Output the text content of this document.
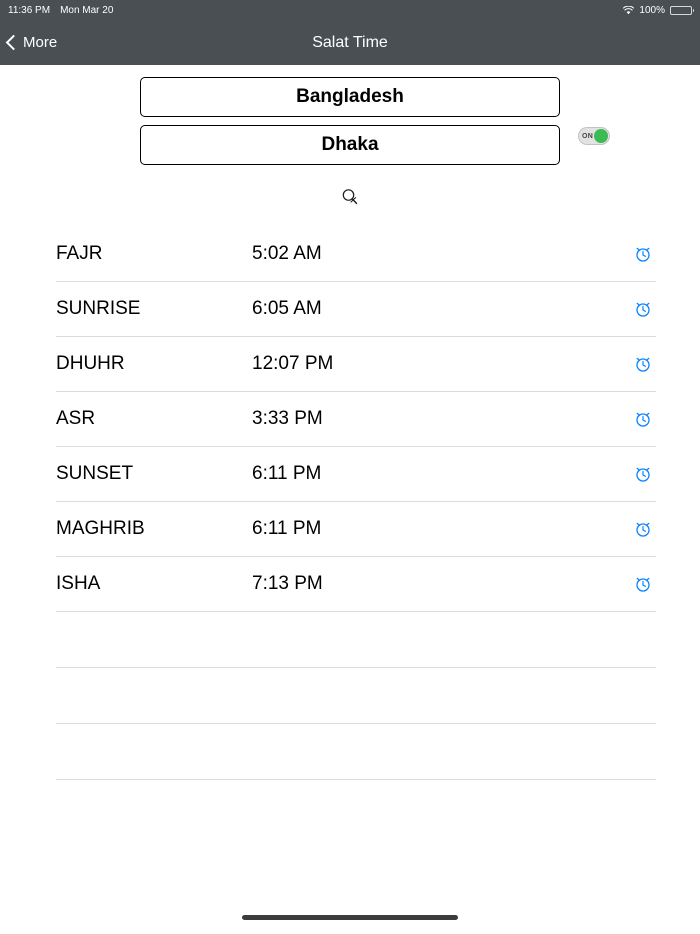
11:36 PM Mon Mar 20	100%
More	Salat Time
Bangladesh
Dhaka	ON
FAJR	5:02 AM
SUNRISE	6:05 AM
DHUHR	12:07 PM
ASR	3:33 PM
SUNSET	6:11 PM
MAGHRIB	6:11 PM
ISHA	7:13 PM
